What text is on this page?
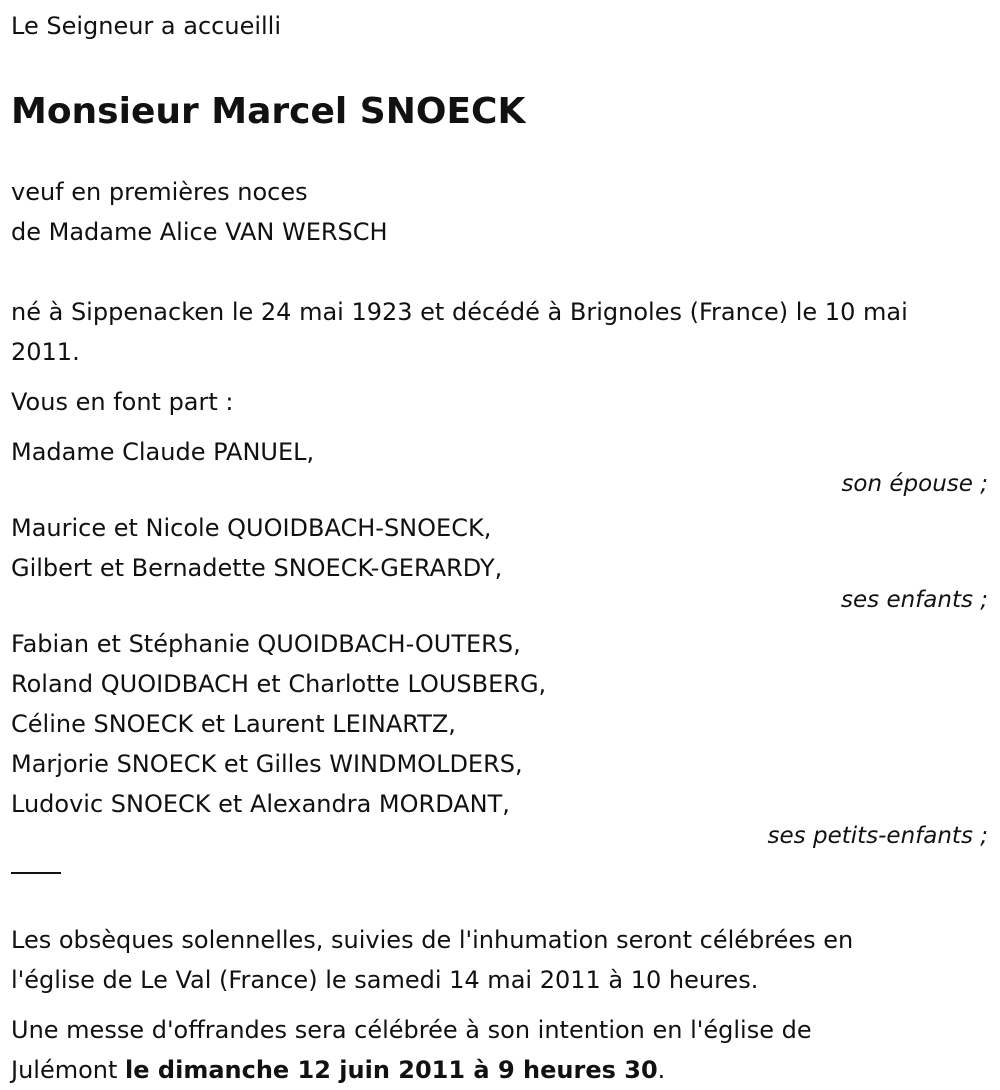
Le Seigneur a accueilli
Monsieur Marcel SNOECK
veuf en premières noces
de Madame Alice VAN WERSCH
né à Sippenacken le 24 mai 1923 et décédé à Brignoles (France) le 10 mai
2011.
Vous en font part :
Madame Claude PANUEL,
son épouse ;
Maurice et Nicole QUOIDBACH-SNOECK,
Gilbert et Bernadette SNOECK-GERARDY,
ses enfants ;
Fabian et Stéphanie QUOIDBACH-OUTERS,
Roland QUOIDBACH et Charlotte LOUSBERG,
Céline SNOECK et Laurent LEINARTZ,
Marjorie SNOECK et Gilles WINDMOLDERS,
Ludovic SNOECK et Alexandra MORDANT,
ses petits-enfants ;
Les obsèques solennelles, suivies de l'inhumation seront célébrées en
l'église de Le Val (France) le samedi 14 mai 2011 à 10 heures.
Une messe d'offrandes sera célébrée à son intention en l'église de
Julémont le dimanche 12 juin 2011 à 9 heures 30.
